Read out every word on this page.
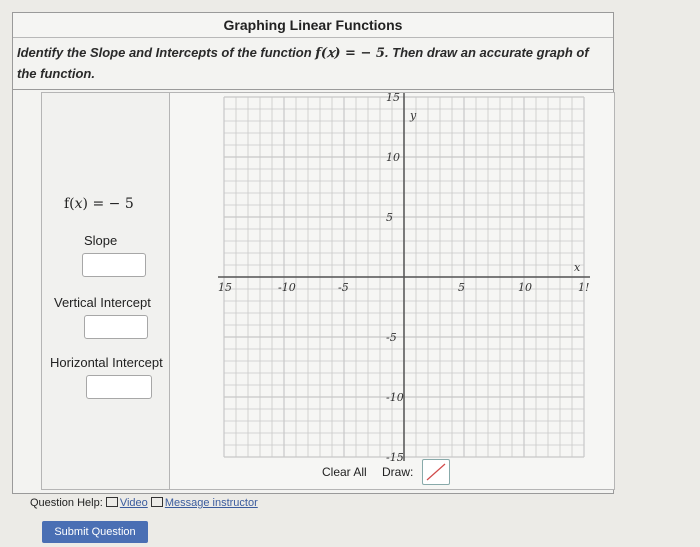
Graphing Linear Functions
Identify the Slope and Intercepts of the function f(𝑥) = − 5. Then draw an accurate graph of the function.
f(𝑥) = − 5
Slope
Vertical Intercept
Horizontal Intercept
15	-10	-5	5	10	1!
15
10
5
-5
-10
-15
x
y
Clear All Draw:
Question Help: Video Message instructor
Submit Question
